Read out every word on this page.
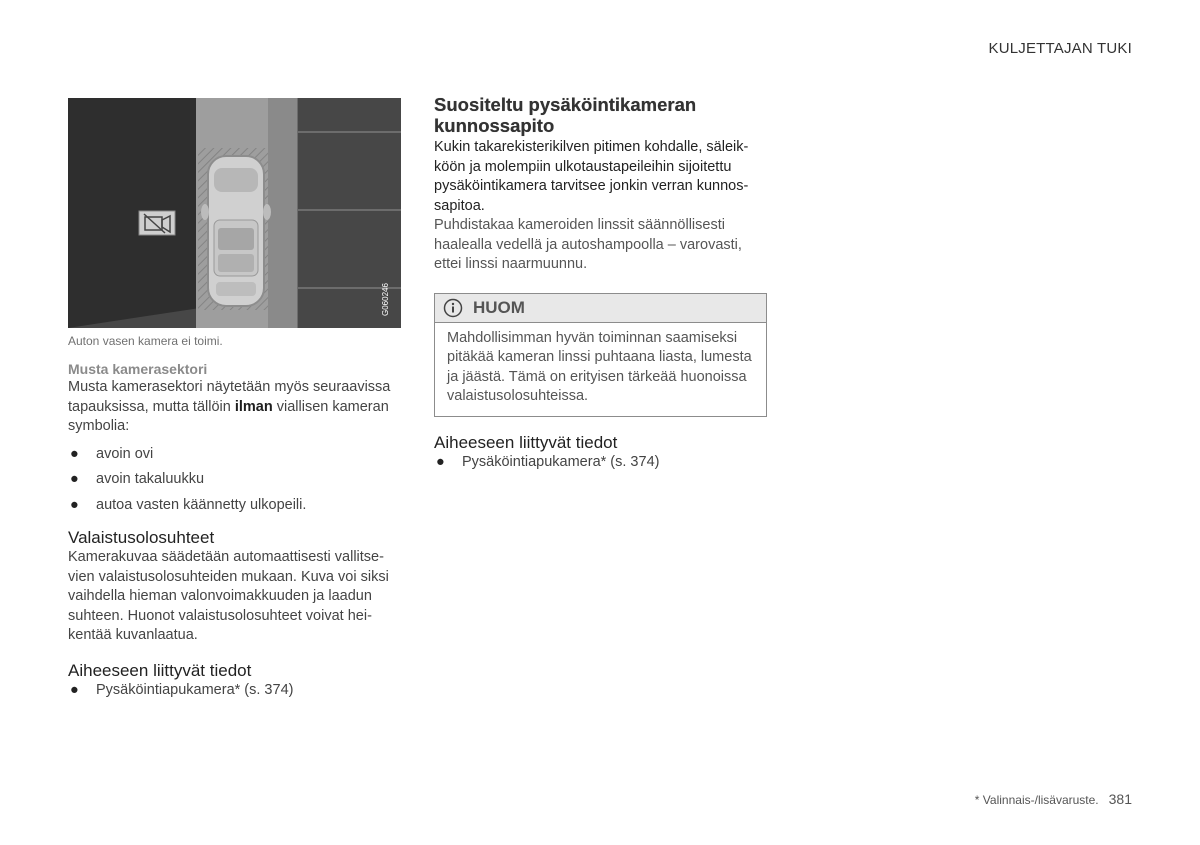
KULJETTAJAN TUKI
G060246
Auton vasen kamera ei toimi.

Musta kamerasektori

Musta kamerasektori näytetään myös seuraavissa tapauksissa, mutta tällöin ilman viallisen kameran symbolia:

● avoin ovi
● avoin takaluukku
● autoa vasten käännetty ulkopeili.

Valaistusolosuhteet

Kamerakuvaa säädetään automaattisesti vallitsevien valaistusolosuhteiden mukaan. Kuva voi siksi vaihdella hieman valonvoimakkuuden ja laadun suhteen. Huonot valaistusolosuhteet voivat heikentää kuvanlaatua.

Aiheeseen liittyvät tiedot

● Pysäköintiapukamera* (s. 374)

Suositeltu pysäköintikameran kunnossapito

Kukin takarekisterikilven pitimen kohdalle, säleikköön ja molempiin ulkotaustapeileihin sijoitettu pysäköintikamera tarvitsee jonkin verran kunnossapitoa.

Puhdistakaa kameroiden linssit säännöllisesti haalealla vedellä ja autoshampoolla – varovasti, ettei linssi naarmuunnu.

HUOM

Mahdollisimman hyvän toiminnan saamiseksi pitäkää kameran linssi puhtaana liasta, lumesta ja jäästä. Tämä on erityisen tärkeää huonoissa valaistusolosuhteissa.

Aiheeseen liittyvät tiedot

● Pysäköintiapukamera* (s. 374)
* Valinnais-/lisävaruste. 381
